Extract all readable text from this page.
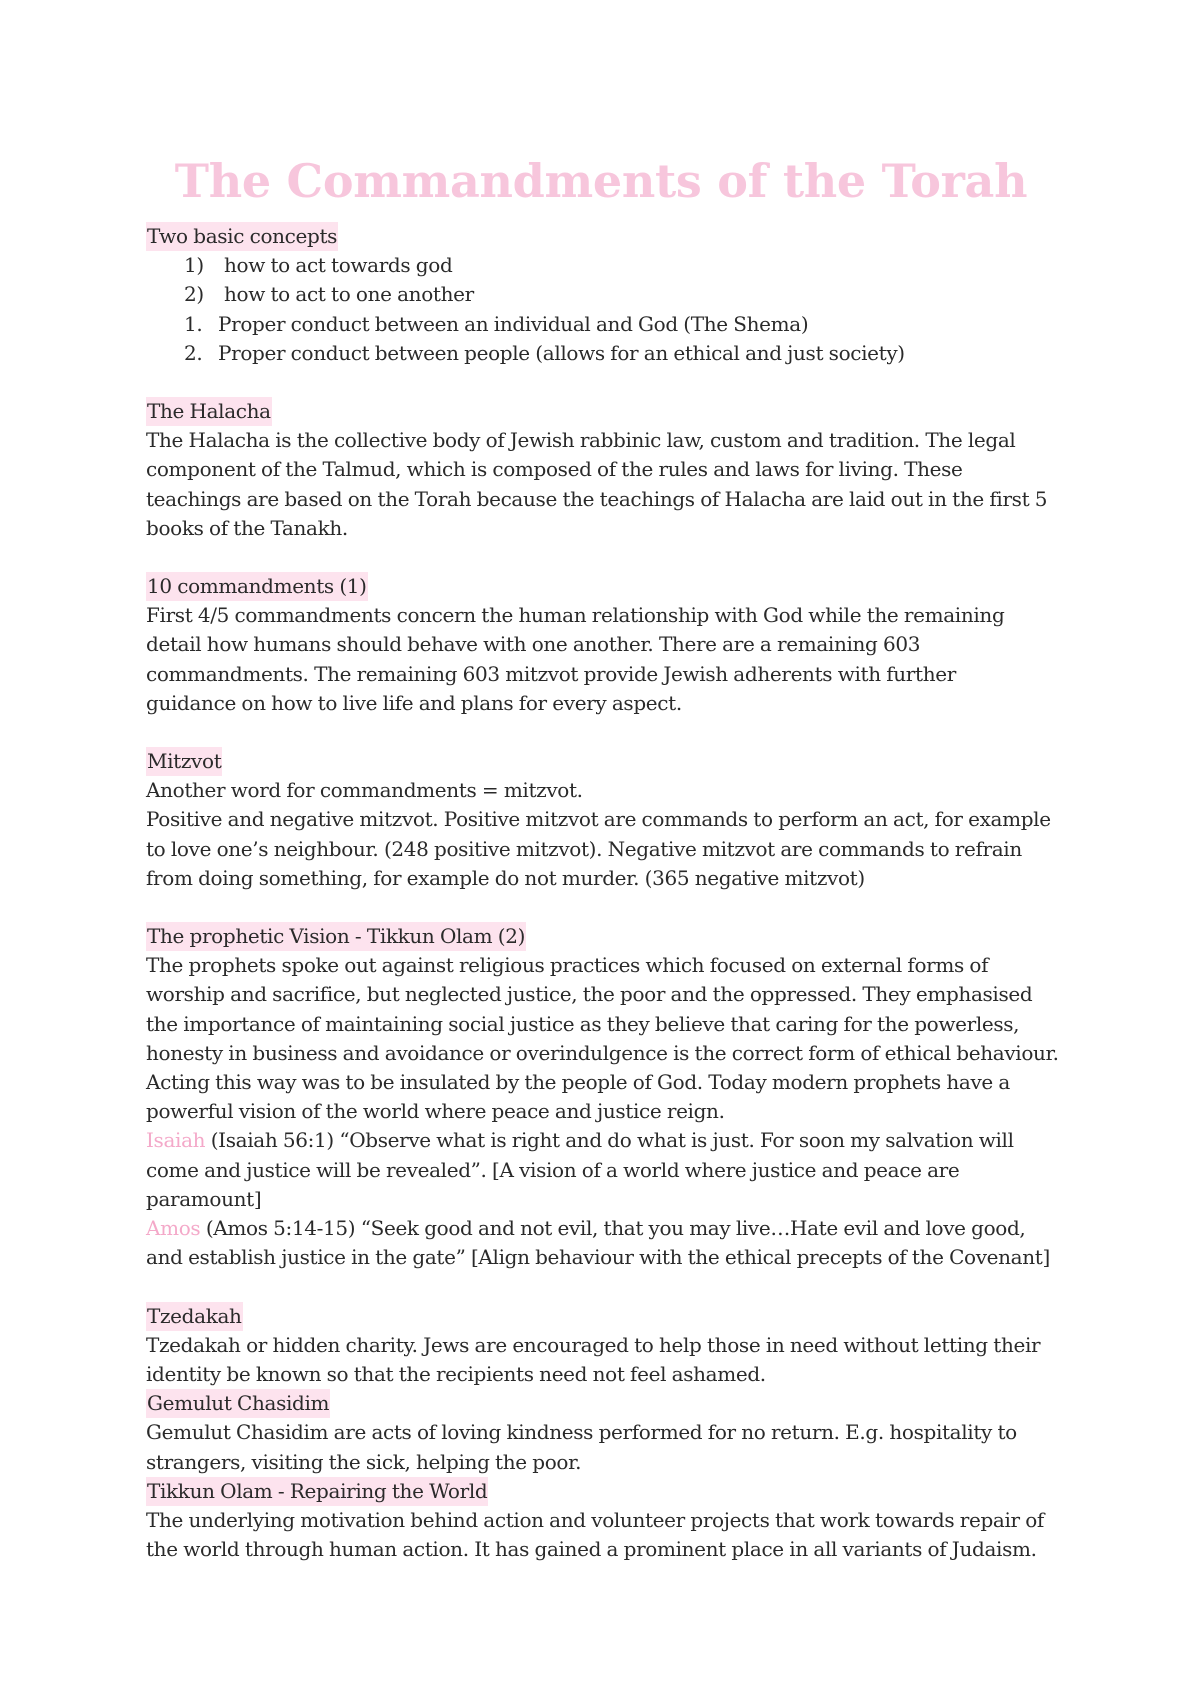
The Commandments of the Torah
Two basic concepts
1) how to act towards god
2) how to act to one another
1. Proper conduct between an individual and God (The Shema)
2. Proper conduct between people (allows for an ethical and just society)
The Halacha
The Halacha is the collective body of Jewish rabbinic law, custom and tradition. The legal
component of the Talmud, which is composed of the rules and laws for living. These
teachings are based on the Torah because the teachings of Halacha are laid out in the first 5
books of the Tanakh.
10 commandments (1)
First 4/5 commandments concern the human relationship with God while the remaining
detail how humans should behave with one another. There are a remaining 603
commandments. The remaining 603 mitzvot provide Jewish adherents with further
guidance on how to live life and plans for every aspect.
Mitzvot
Another word for commandments = mitzvot.
Positive and negative mitzvot. Positive mitzvot are commands to perform an act, for example
to love one’s neighbour. (248 positive mitzvot). Negative mitzvot are commands to refrain
from doing something, for example do not murder. (365 negative mitzvot)
The prophetic Vision - Tikkun Olam (2)
The prophets spoke out against religious practices which focused on external forms of
worship and sacrifice, but neglected justice, the poor and the oppressed. They emphasised
the importance of maintaining social justice as they believe that caring for the powerless,
honesty in business and avoidance or overindulgence is the correct form of ethical behaviour.
Acting this way was to be insulated by the people of God. Today modern prophets have a
powerful vision of the world where peace and justice reign.
Isaiah (Isaiah 56:1) “Observe what is right and do what is just. For soon my salvation will
come and justice will be revealed”. [A vision of a world where justice and peace are
paramount]
Amos (Amos 5:14-15) “Seek good and not evil, that you may live…Hate evil and love good,
and establish justice in the gate” [Align behaviour with the ethical precepts of the Covenant]
Tzedakah
Tzedakah or hidden charity. Jews are encouraged to help those in need without letting their
identity be known so that the recipients need not feel ashamed.
Gemulut Chasidim
Gemulut Chasidim are acts of loving kindness performed for no return. E.g. hospitality to
strangers, visiting the sick, helping the poor.
Tikkun Olam - Repairing the World
The underlying motivation behind action and volunteer projects that work towards repair of
the world through human action. It has gained a prominent place in all variants of Judaism.
